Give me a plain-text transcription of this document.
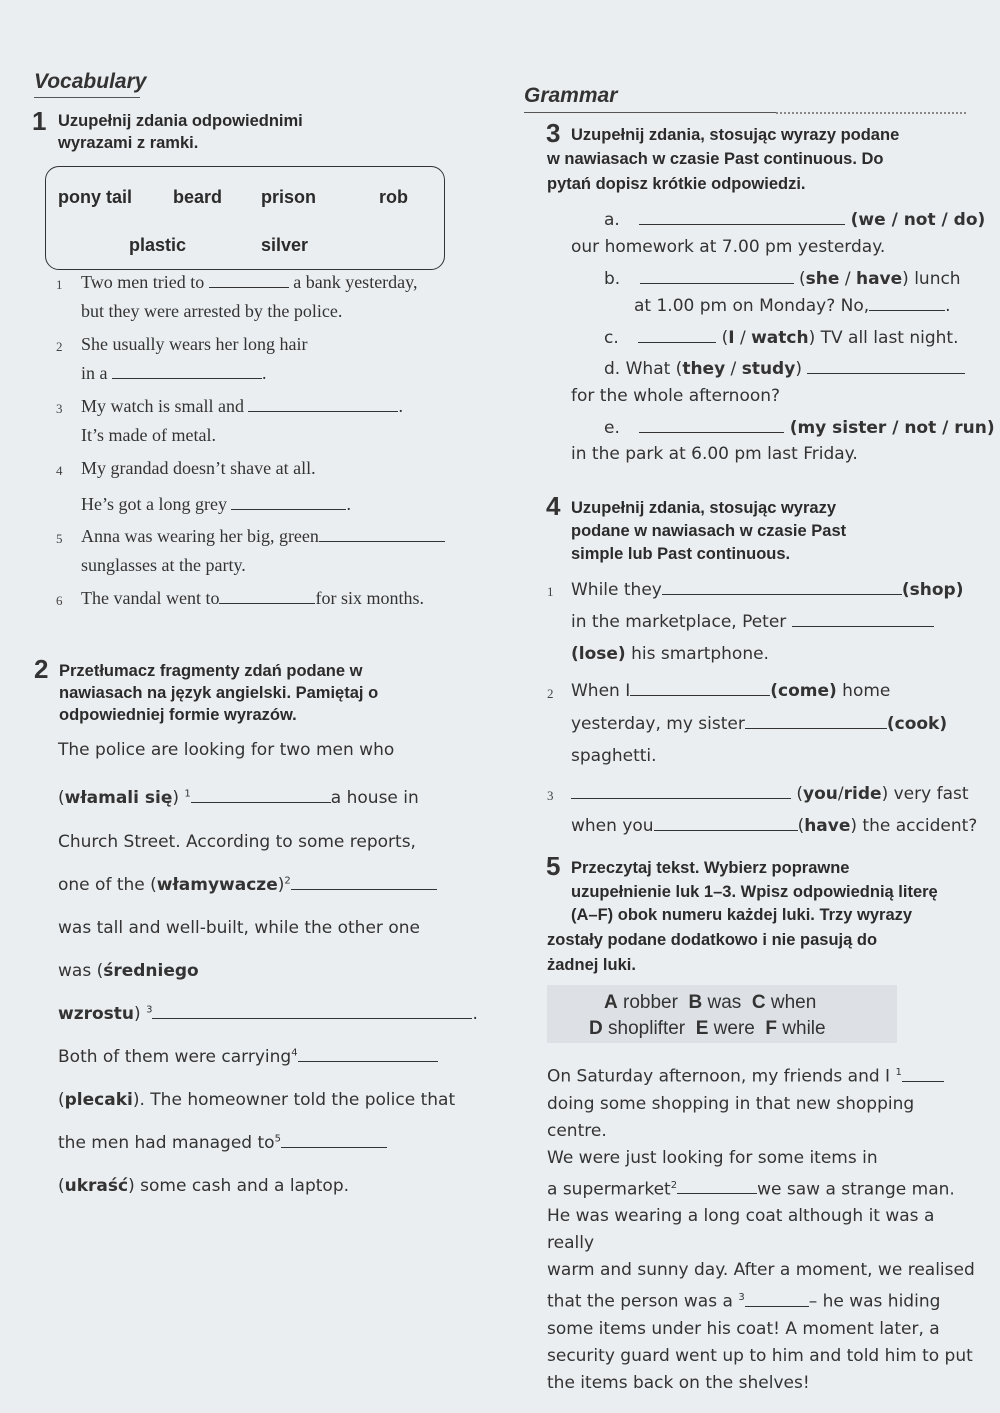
Vocabulary
1 Uzupełnij zdania odpowiednimi
wyrazami z ramki.
pony tail beard prison	rob
plastic	silver
1 Two men tried to	a bank yesterday,
but they were arrested by the police.
2 She usually wears her long hair
in a	.
3 My watch is small and	.
It’s made of metal.
4 My grandad doesn’t shave at all.
He’s got a long grey	.
5 Anna was wearing her big, green
sunglasses at the party.
6 The vandal went to	for six months.
2 Przetłumacz fragmenty zdań podane w
nawiasach na język angielski. Pamiętaj o
odpowiedniej formie wyrazów.
The police are looking for two men who
(włamali się) $^1$	a house in
Church Street. According to some reports,
one of the (włamywacze)$^2$
was tall and well-built, while the other one
was (średniego
wzrostu) $^3$	.
Both of them were carrying$^4$
(plecaki). The homeowner told the police that
the men had managed $to^5$
(ukraść) some cash and a laptop.
Grammar
3 Uzupełnij zdania, stosując wyrazy podane
w nawiasach w czasie Past continuous. Do
pytań dopisz krótkie odpowiedzi.
a.	(we / not / do)
our homework at 7.00 pm yesterday.
b.	(she / have) lunch
at 1.00 pm on Monday? No,	.
c.	(I / watch) TV all last night.
d. What (they / study)
for the whole afternoon?
e.	(my sister / not / run)
in the park at 6.00 pm last Friday.
4 Uzupełnij zdania, stosując wyrazy
podane w nawiasach w czasie Past
simple lub Past continuous.
1 While they	(shop)
in the marketplace, Peter
(lose) his smartphone.
2 When I	(come) home
yesterday, my sister	(cook)
spaghetti.
3	(you/ride) very fast
when you	(have) the accident?
5 Przeczytaj tekst. Wybierz poprawne
uzupełnienie luk 1–3. Wpisz odpowiednią literę
(A–F) obok numeru każdej luki. Trzy wyrazy
zostały podane dodatkowo i nie pasują do
żadnej luki.
A robber B was C when
D shoplifter E were F while
On Saturday afternoon, my friends and I $^1$
doing some shopping in that new shopping centre.
We were just looking for some items in
a supermarket$^2$	we saw a strange man.
He was wearing a long coat although it was a really
warm and sunny day. After a moment, we realised
that the person was a $^3$	– he was hiding
some items under his coat! A moment later, a
security guard went up to him and told him to put
the items back on the shelves!
